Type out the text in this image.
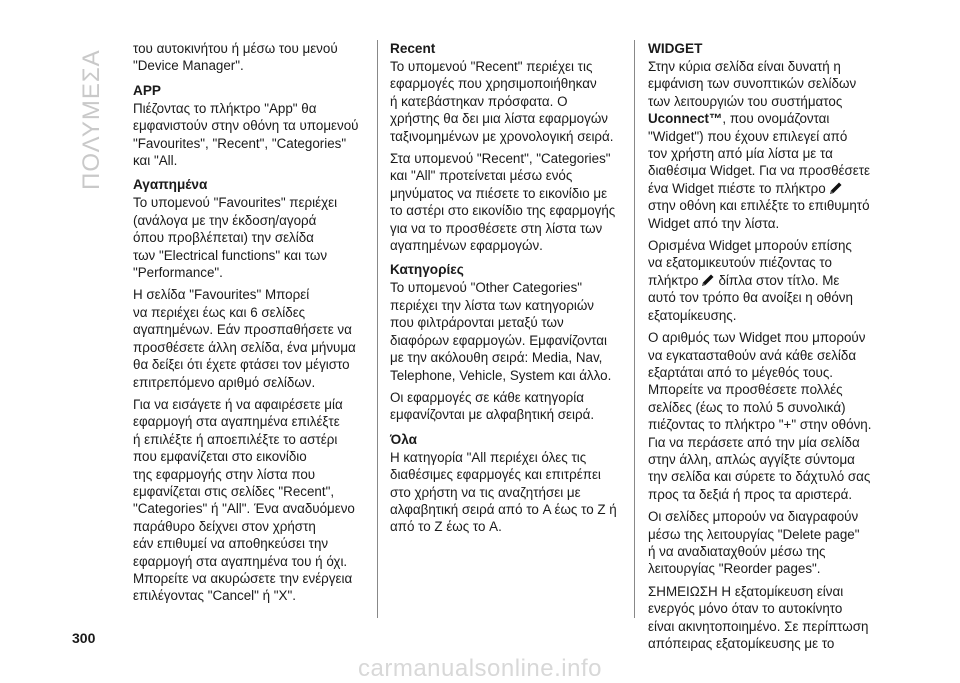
ΠΟΛΥΜΕΣΑ

του αυτοκινήτου ή μέσω του μενού
"Device Manager".

APP

Πιέζοντας το πλήκτρο "App" θα
εμφανιστούν στην οθόνη τα υπομενού
"Favourites", "Recent", "Categories"
και "All.

Αγαπημένα

Το υπομενού "Favourites" περιέχει
(ανάλογα με την έκδοση/αγορά
όπου προβλέπεται) την σελίδα
των "Electrical functions" και των
"Performance".

Η σελίδα "Favourites" Μπορεί
να περιέχει έως και 6 σελίδες
αγαπημένων. Εάν προσπαθήσετε να
προσθέσετε άλλη σελίδα, ένα μήνυμα
θα δείξει ότι έχετε φτάσει τον μέγιστο
επιτρεπόμενο αριθμό σελίδων.

Για να εισάγετε ή να αφαιρέσετε μία
εφαρμογή στα αγαπημένα επιλέξτε
ή επιλέξτε ή αποεπιλέξτε το αστέρι
που εμφανίζεται στο εικονίδιο
της εφαρμογής στην λίστα που
εμφανίζεται στις σελίδες "Recent",
"Categories" ή "All". Ένα αναδυόμενο
παράθυρο δείχνει στον χρήστη
εάν επιθυμεί να αποθηκεύσει την
εφαρμογή στα αγαπημένα του ή όχι.
Μπορείτε να ακυρώσετε την ενέργεια
επιλέγοντας "Cancel" ή "X".

Recent

Το υπομενού "Recent" περιέχει τις
εφαρμογές που χρησιμοποιήθηκαν
ή κατεβάστηκαν πρόσφατα. Ο
χρήστης θα δει μια λίστα εφαρμογών
ταξινομημένων με χρονολογική σειρά.

Στα υπομενού "Recent", "Categories"
και "All" προτείνεται μέσω ενός
μηνύματος να πιέσετε το εικονίδιο με
το αστέρι στο εικονίδιο της εφαρμογής
για να το προσθέσετε στη λίστα των
αγαπημένων εφαρμογών.

Κατηγορίες

Το υπομενού "Other Categories"
περιέχει την λίστα των κατηγοριών
που φιλτράρονται μεταξύ των
διαφόρων εφαρμογών. Εμφανίζονται
με την ακόλουθη σειρά: Media, Nav,
Telephone, Vehicle, System και άλλο.

Οι εφαρμογές σε κάθε κατηγορία
εμφανίζονται με αλφαβητική σειρά.

Όλα

Η κατηγορία "All περιέχει όλες τις
διαθέσιμες εφαρμογές και επιτρέπει
στο χρήστη να τις αναζητήσει με
αλφαβητική σειρά από το A έως το Z ή
από το Z έως το A.

WIDGET

Στην κύρια σελίδα είναι δυνατή η
εμφάνιση των συνοπτικών σελίδων
των λειτουργιών του συστήματος
Uconnect™, που ονομάζονται
"Widget") που έχουν επιλεγεί από
τον χρήστη από μία λίστα με τα
διαθέσιμα Widget. Για να προσθέσετε
ένα Widget πιέστε το πλήκτρο
στην οθόνη και επιλέξτε το επιθυμητό
Widget από την λίστα.

Ορισμένα Widget μπορούν επίσης
να εξατομικευτούν πιέζοντας το
πλήκτρο δίπλα στον τίτλο. Με
αυτό τον τρόπο θα ανοίξει η οθόνη
εξατομίκευσης.

Ο αριθμός των Widget που μπορούν
να εγκατασταθούν ανά κάθε σελίδα
εξαρτάται από το μέγεθός τους.
Μπορείτε να προσθέσετε πολλές
σελίδες (έως το πολύ 5 συνολικά)
πιέζοντας το πλήκτρο "+" στην οθόνη.
Για να περάσετε από την μία σελίδα
στην άλλη, απλώς αγγίξτε σύντομα
την σελίδα και σύρετε το δάχτυλό σας
προς τα δεξιά ή προς τα αριστερά.

Οι σελίδες μπορούν να διαγραφούν
μέσω της λειτουργίας "Delete page"
ή να αναδιαταχθούν μέσω της
λειτουργίας "Reorder pages".

ΣΗΜΕΙΩΣΗ Η εξατομίκευση είναι
ενεργός μόνο όταν το αυτοκίνητο
είναι ακινητοποιημένο. Σε περίπτωση
απόπειρας εξατομίκευσης με το

300
carmanualsonline.info
